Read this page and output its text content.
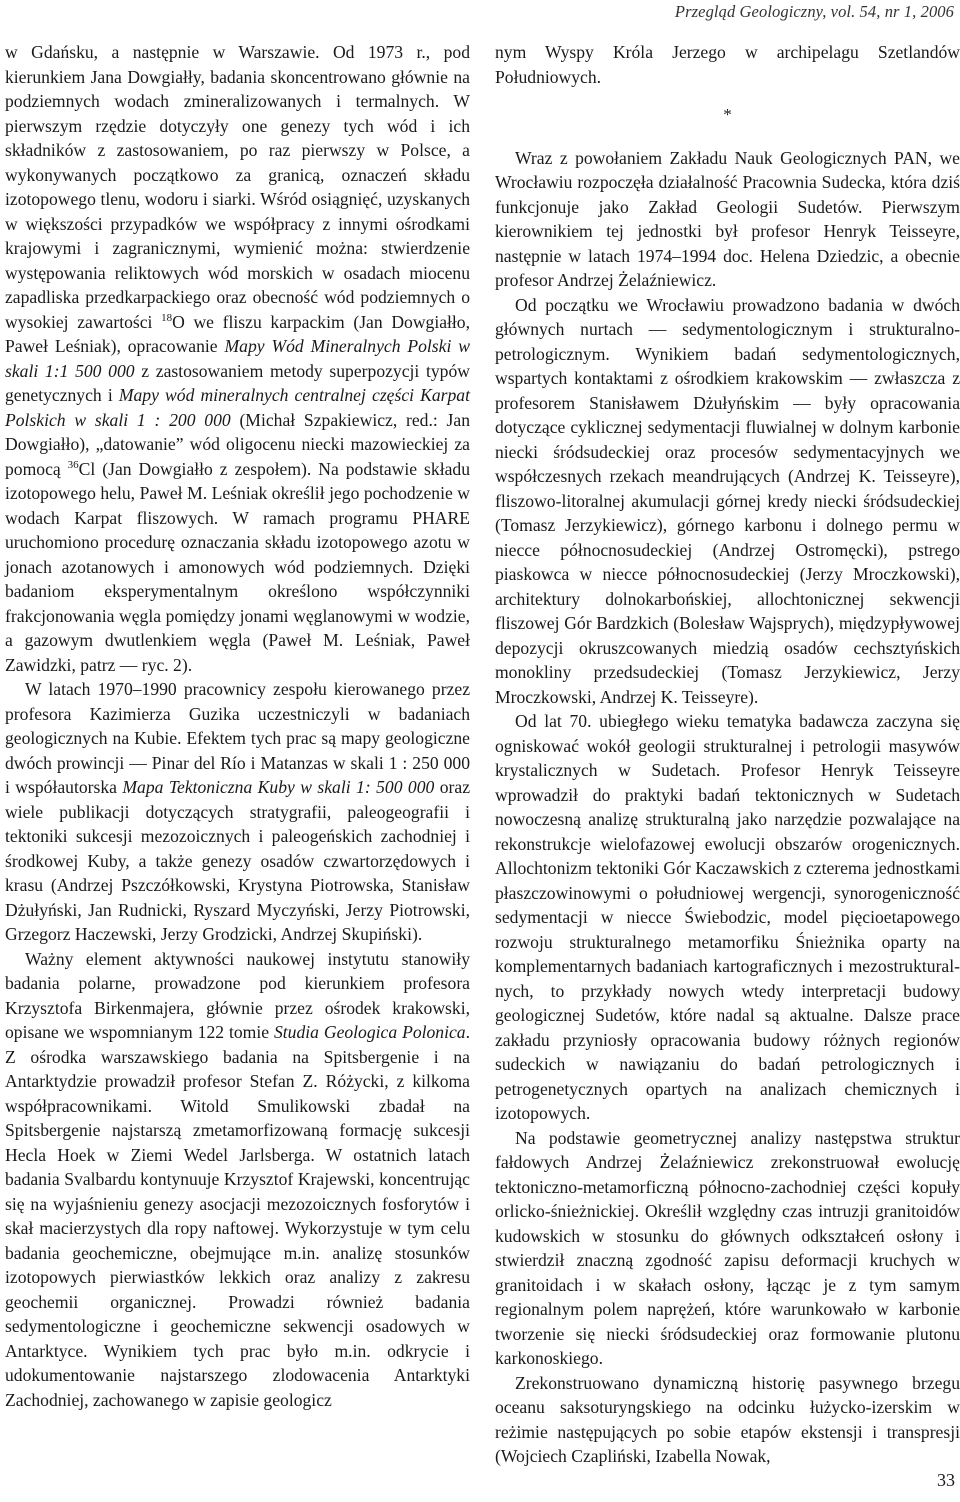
Przegląd Geologiczny, vol. 54, nr 1, 2006

w Gdańsku, a następnie w Warszawie. Od 1973 r., pod kierunkiem Jana Dowgiałły, badania skoncentrowano głównie na podziemnych wodach zmineralizowanych i termalnych. W pierwszym rzędzie dotyczyły one genezy tych wód i ich składników z zastosowaniem, po raz pierwszy w Polsce, a wykonywanych początkowo za granicą, oznaczeń składu izotopowego tlenu, wodoru i siarki. Wśród osiągnięć, uzyskanych w większości przypadków we współpracy z innymi ośrodkami krajowymi i zagranicznymi, wymienić można: stwierdzenie występowania reliktowych wód morskich w osadach miocenu zapadliska przedkarpackiego oraz obecność wód podziemnych o wysokiej zawartości $^{18}$O we fliszu karpackim (Jan Dowgiałło, Paweł Leśniak), opracowanie Mapy Wód Mineralnych Polski w skali 1:1 500 000 z zastosowaniem metody superpozycji typów genetycznych i Mapy wód mineralnych centralnej części Karpat Polskich w skali 1 : 200 000 (Michał Szpakiewicz, red.: Jan Dowgiałło), „datowanie” wód oligocenu niecki mazowieckiej za pomocą $^{36}$Cl (Jan Dowgiałło z zespołem). Na podstawie składu izotopowego helu, Paweł M. Leśniak określił jego pochodzenie w wodach Karpat fliszowych. W ramach programu PHARE uruchomiono procedurę oznaczania składu izotopowego azotu w jonach azotanowych i amonowych wód podziemnych. Dzięki badaniom eksperymentalnym określono współczynniki frakcjonowania węgla pomiędzy jonami węglanowymi w wodzie, a gazowym dwutlenkiem węgla (Paweł M. Leśniak, Paweł Zawidzki, patrz — ryc. 2).

W latach 1970–1990 pracownicy zespołu kierowanego przez profesora Kazimierza Guzika uczestniczyli w badaniach geologicznych na Kubie. Efektem tych prac są mapy geologiczne dwóch prowincji — Pinar del Río i Matanzas w skali 1 : 250 000 i współautorska Mapa Tektoniczna Kuby w skali 1: 500 000 oraz wiele publikacji dotyczących stratygrafii, paleogeografii i tektoniki sukcesji mezozoicznych i paleogeńskich zachodniej i środkowej Kuby, a także genezy osadów czwartorzędowych i krasu (Andrzej Pszczółkowski, Krystyna Piotrowska, Stanisław Dżułyński, Jan Rudnicki, Ryszard Myczyński, Jerzy Piotrowski, Grzegorz Haczewski, Jerzy Grodzicki, Andrzej Skupiński).

Ważny element aktywności naukowej instytutu stanowiły badania polarne, prowadzone pod kierunkiem profesora Krzysztofa Birkenmajera, głównie przez ośrodek krakowski, opisane we wspomnianym 122 tomie Studia Geologica Polonica. Z ośrodka warszawskiego badania na Spitsbergenie i na Antarktydzie prowadził profesor Stefan Z. Różycki, z kilkoma współpracownikami. Witold Smulikowski zbadał na Spitsbergenie najstarszą zmetamorfizowaną formację sukcesji Hecla Hoek w Ziemi Wedel Jarlsberga. W ostatnich latach badania Svalbardu kontynuuje Krzysztof Krajewski, koncentrując się na wyjaśnieniu genezy asocjacji mezozoicznych fosforytów i skał macierzystych dla ropy naftowej. Wykorzystuje w tym celu badania geochemiczne, obejmujące m.in. analizę stosunków izotopowych pierwiastków lekkich oraz analizy z zakresu geochemii organicznej. Prowadzi również badania sedymentologiczne i geochemiczne sekwencji osadowych w Antarktyce. Wynikiem tych prac było m.in. odkrycie i udokumentowanie najstarszego zlodowacenia Antarktyki Zachodniej, zachowanego w zapisie geologicz

nym Wyspy Króla Jerzego w archipelagu Szetlandów Południowych.

*

Wraz z powołaniem Zakładu Nauk Geologicznych PAN, we Wrocławiu rozpoczęła działalność Pracownia Sudecka, która dziś funkcjonuje jako Zakład Geologii Sudetów. Pierwszym kierownikiem tej jednostki był profesor Henryk Teisseyre, następnie w latach 1974–1994 doc. Helena Dziedzic, a obecnie profesor Andrzej Żelaźniewicz.

Od początku we Wrocławiu prowadzono badania w dwóch głównych nurtach — sedymentologicznym i strukturalno-petrologicznym. Wynikiem badań sedymentologicznych, wspartych kontaktami z ośrodkiem krakowskim — zwłaszcza z profesorem Stanisławem Dżułyńskim — były opracowania dotyczące cyklicznej sedymentacji fluwialnej w dolnym karbonie niecki śródsudeckiej oraz procesów sedymentacyjnych we współczesnych rzekach meandrujących (Andrzej K. Teisseyre), fliszowo-litoralnej akumulacji górnej kredy niecki śródsudeckiej (Tomasz Jerzykiewicz), górnego karbonu i dolnego permu w niecce północnosudeckiej (Andrzej Ostromęcki), pstrego piaskowca w niecce północnosudeckiej (Jerzy Mroczkowski), architektury dolnokarbońskiej, allochtonicznej sekwencji fliszowej Gór Bardzkich (Bolesław Wajsprych), międzypływowej depozycji okruszcowanych miedzią osadów cechsztyńskich monokliny przedsudeckiej (Tomasz Jerzykiewicz, Jerzy Mroczkowski, Andrzej K. Teisseyre).

Od lat 70. ubiegłego wieku tematyka badawcza zaczyna się ogniskować wokół geologii strukturalnej i petrologii masywów krystalicznych w Sudetach. Profesor Henryk Teisseyre wprowadził do praktyki badań tektonicznych w Sudetach nowoczesną analizę strukturalną jako narzędzie pozwalające na rekonstrukcje wielofazowej ewolucji obszarów orogenicznych. Allochtonizm tektoniki Gór Kaczawskich z czterema jednostkami płaszczowinowymi o południowej wergencji, synorogeniczność sedymentacji w niecce Świebodzic, model pięcioetapowego rozwoju strukturalnego metamorfiku Śnieżnika oparty na komplementarnych badaniach kartograficznych i mezostrukturalnych, to przykłady nowych wtedy interpretacji budowy geologicznej Sudetów, które nadal są aktualne. Dalsze prace zakładu przyniosły opracowania budowy różnych regionów sudeckich w nawiązaniu do badań petrologicznych i petrogenetycznych opartych na analizach chemicznych i izotopowych.

Na podstawie geometrycznej analizy następstwa struktur fałdowych Andrzej Żelaźniewicz zrekonstruował ewolucję tektoniczno-metamorficzną północno-zachodniej części kopuły orlicko-śnieżnickiej. Określił względny czas intruzji granitoidów kudowskich w stosunku do głównych odkształceń osłony i stwierdził znaczną zgodność zapisu deformacji kruchych w granitoidach i w skałach osłony, łącząc je z tym samym regionalnym polem naprężeń, które warunkowało w karbonie tworzenie się niecki śródsudeckiej oraz formowanie plutonu karkonoskiego.

Zrekonstruowano dynamiczną historię pasywnego brzegu oceanu saksoturyngskiego na odcinku łużycko-izerskim w reżimie następujących po sobie etapów ekstensji i transpresji (Wojciech Czapliński, Izabella Nowak,

33
